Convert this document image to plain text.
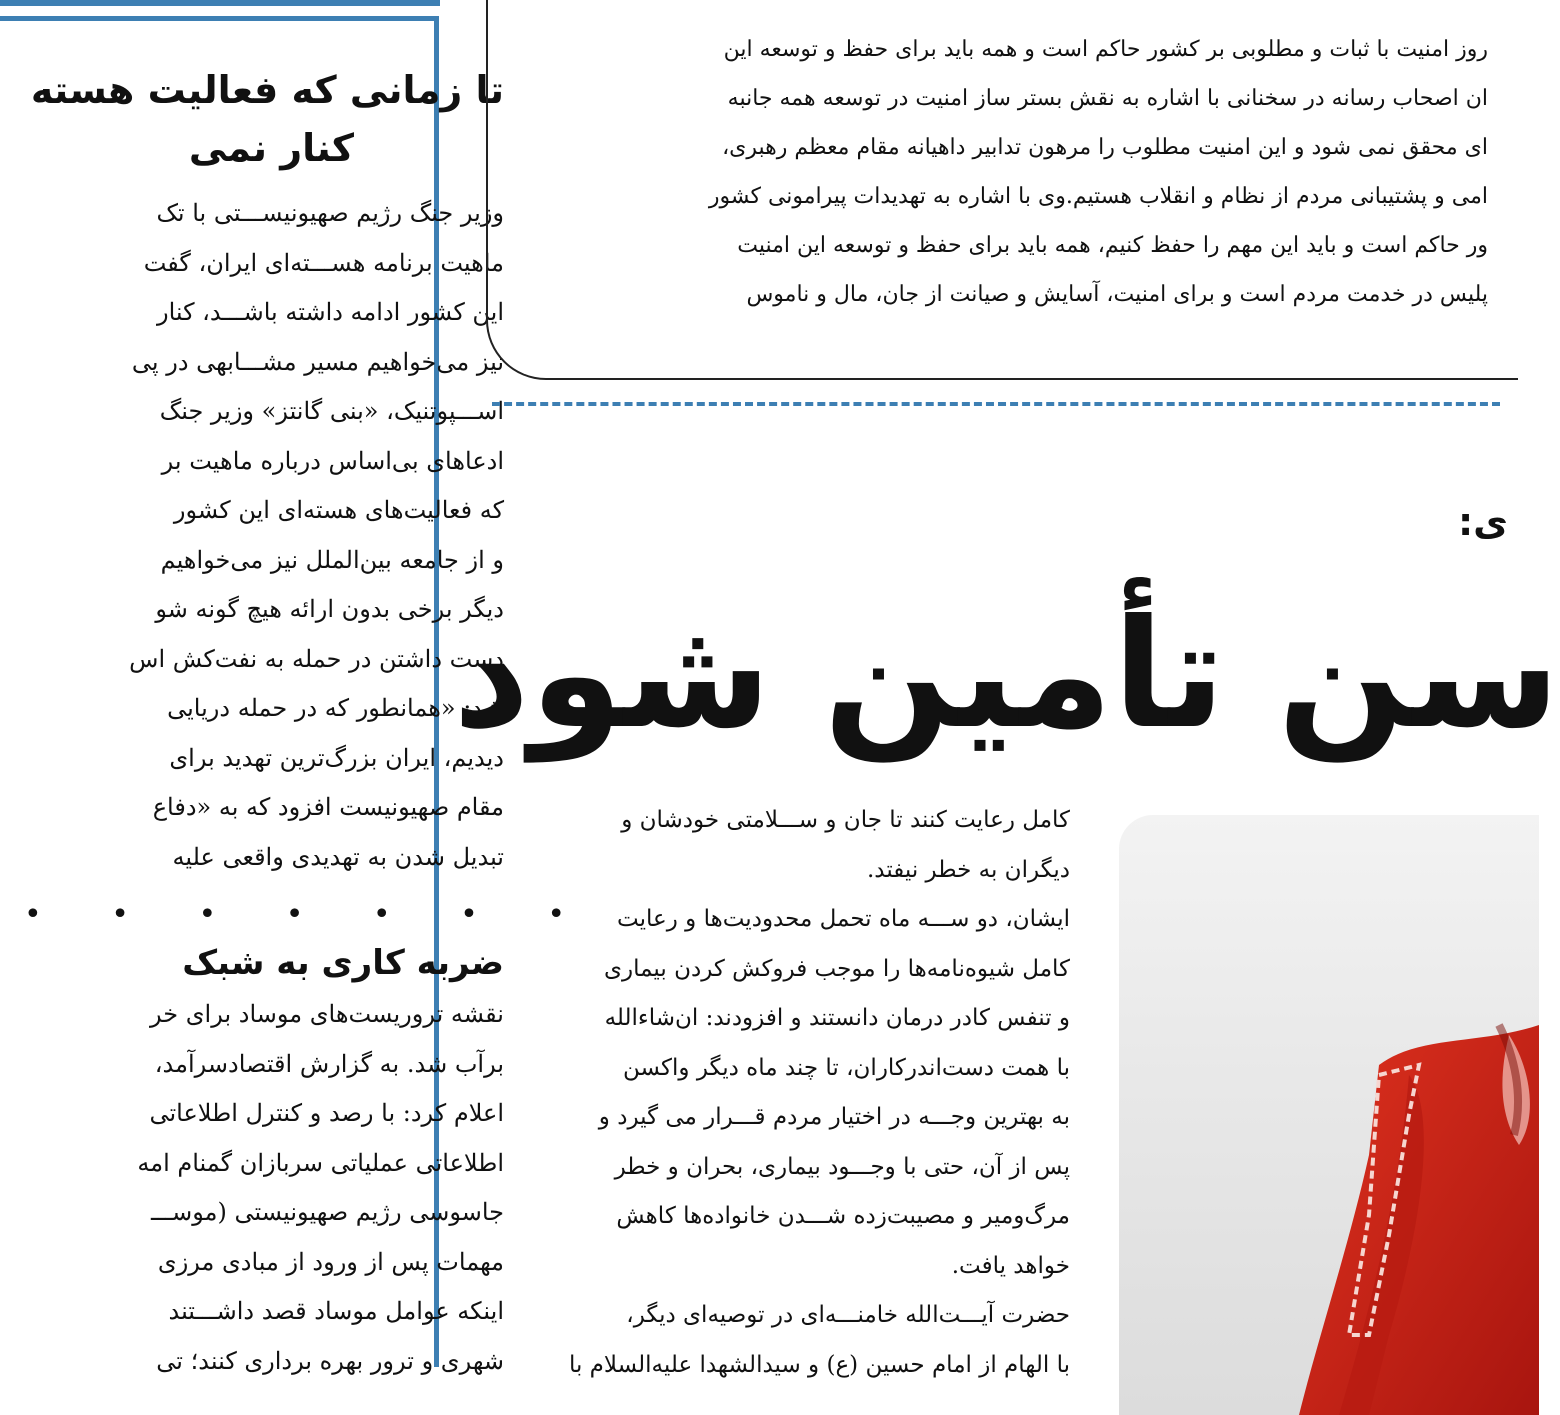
تا زمانی که فعالیت هسته
کنار نمی
وزیر جنگ رژیم صهیونیســـتی با تک
ماهیت برنامه هســـته‌ای ایران، گفت
این کشور ادامه داشته باشـــد، کنار
نیز می‌خواهیم مسیر مشـــابهی در پی
اســـپوتنیک، «بنی گانتز» وزیر جنگ
ادعاهای بی‌اساس درباره ماهیت بر
که فعالیت‌های هسته‌ای این کشور
و از جامعه بین‌الملل نیز می‌خواهیم
دیگر برخی بدون ارائه هیچ گونه شو
دست داشتن در حمله به نفت‌کش اس
شد: «همانطور که در حمله دریایی
دیدیم، ایران بزرگ‌ترین تهدید برای
مقام صهیونیست افزود که به «دفاع
تبدیل شدن به تهدیدی واقعی علیه
• • • • • • •
ضربه کاری به شبک
نقشه تروریست‌های موساد برای خر
برآب شد. به گزارش اقتصادسرآمد،
اعلام کرد: با رصد و کنترل اطلاعاتی
اطلاعاتی عملیاتی سربازان گمنام امه
جاسوسی رژیم صهیونیستی (موســـ
مهمات پس از ورود از مبادی مرزی
اینکه عوامل موساد قصد داشـــتند
شهری و ترور بهره برداری کنند؛ تی
روز امنیت با ثبات و مطلوبی بر کشور حاکم است و همه باید برای حفظ و توسعه این
ان اصحاب رسانه در سخنانی با اشاره به نقش بستر ساز امنیت در توسعه همه جانبه
ای محقق نمی شود و این امنیت مطلوب را مرهون تدابیر داهیانه مقام معظم رهبری،
امی و پشتیبانی مردم از نظام و انقلاب هستیم.وی با اشاره به تهدیدات پیرامونی کشور
ور حاکم است و باید این مهم را حفظ کنیم، همه باید برای حفظ و توسعه این امنیت
پلیس در خدمت مردم است و برای امنیت، آسایش و صیانت از جان، مال و ناموس
ی:
سن تأمین شود
کامل رعایت کنند تا جان و ســـلامتی خودشان و
دیگران به خطر نیفتد.
ایشان، دو ســـه ماه تحمل محدودیت‌ها و رعایت
کامل شیوه‌نامه‌ها را موجب فروکش کردن بیماری
و تنفس کادر درمان دانستند و افزودند: ان‌شاءالله
با همت دست‌اندرکاران، تا چند ماه دیگر واکسن
به بهترین وجـــه در اختیار مردم قـــرار می گیرد و
پس از آن، حتی با وجـــود بیماری، بحران و خطر
مرگ‌ومیر و مصیبت‌زده شـــدن خانواده‌ها کاهش
خواهد یافت.
حضرت آیـــت‌الله خامنـــه‌ای در توصیه‌ای دیگر،
با الهام از امام حسین (ع) و سیدالشهدا علیه‌السلام با
